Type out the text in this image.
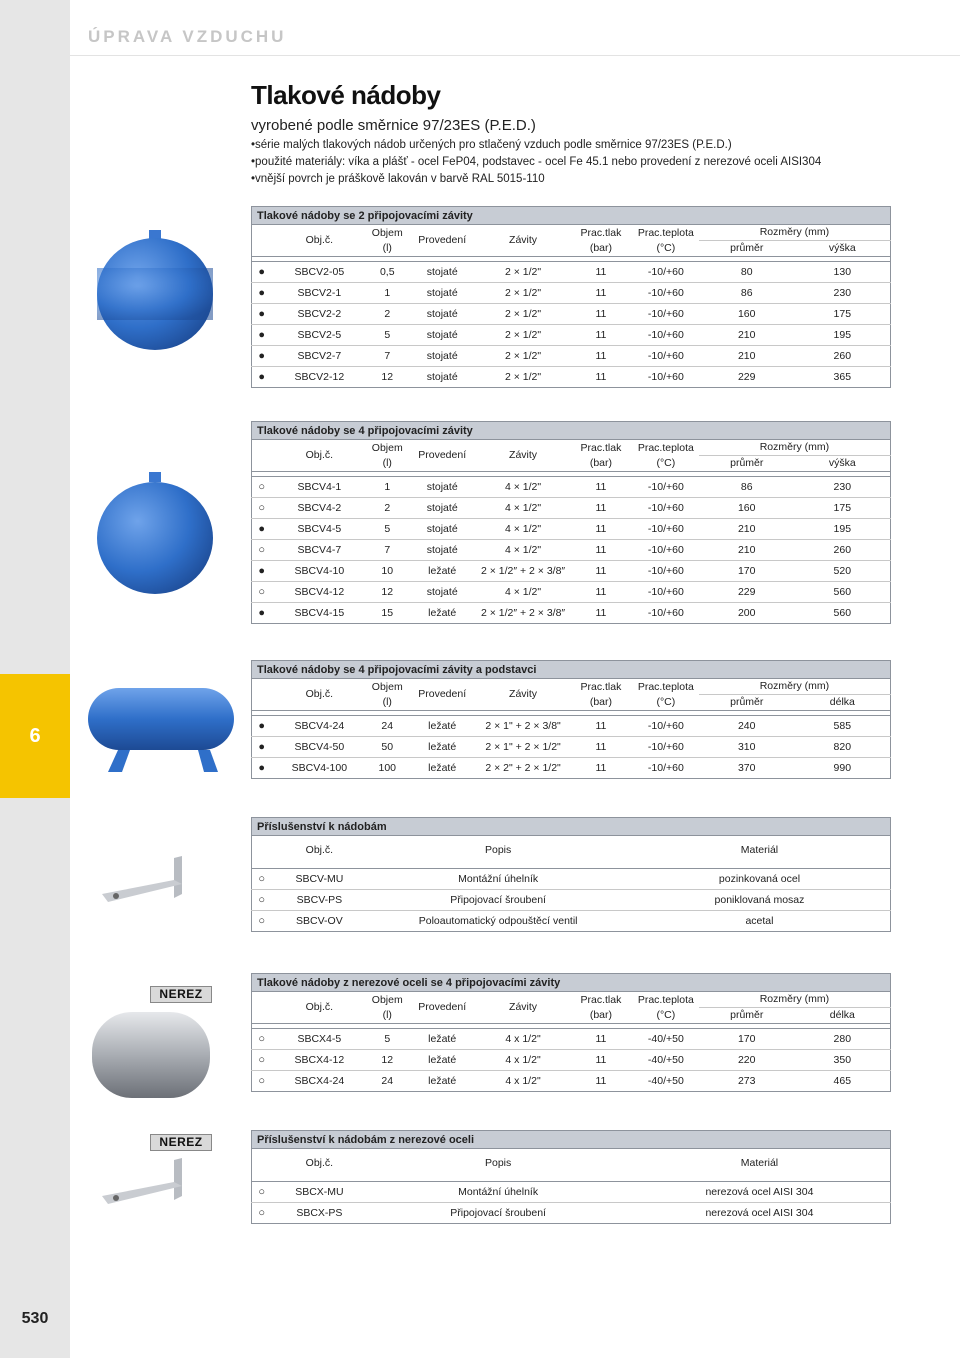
6
530
ÚPRAVA VZDUCHU
Tlakové nádoby
vyrobené podle směrnice 97/23ES (P.E.D.)
• série malých tlakových nádob určených pro stlačený vzduch podle směrnice 97/23ES (P.E.D.)
• použité materiály: víka a plášť - ocel FeP04, podstavec - ocel Fe 45.1 nebo provedení z nerezové oceli AISI304
• vnější povrch je práškově lakován v barvě RAL 5015-110
NEREZ
NEREZ
Tlakové nádoby se 2 připojovacími závity
	Obj.č.	Objem
(l)	Provedení	Závity	Prac.tlak
(bar)	Prac.teplota
(°C)	Rozměry (mm)	
							průměr	výška

●	SBCV2-05	0,5	stojaté	2 × 1/2"	11	-10/+60	80	130
●	SBCV2-1	1	stojaté	2 × 1/2"	11	-10/+60	86	230
●	SBCV2-2	2	stojaté	2 × 1/2"	11	-10/+60	160	175
●	SBCV2-5	5	stojaté	2 × 1/2"	11	-10/+60	210	195
●	SBCV2-7	7	stojaté	2 × 1/2"	11	-10/+60	210	260
●	SBCV2-12	12	stojaté	2 × 1/2"	11	-10/+60	229	365
Tlakové nádoby se 4 připojovacími závity
	Obj.č.	Objem
(l)	Provedení	Závity	Prac.tlak
(bar)	Prac.teplota
(°C)	Rozměry (mm)	
							průměr	výška

○	SBCV4-1	1	stojaté	4 × 1/2"	11	-10/+60	86	230
○	SBCV4-2	2	stojaté	4 × 1/2"	11	-10/+60	160	175
●	SBCV4-5	5	stojaté	4 × 1/2"	11	-10/+60	210	195
○	SBCV4-7	7	stojaté	4 × 1/2"	11	-10/+60	210	260
●	SBCV4-10	10	ležaté	2 × 1/2″ + 2 × 3/8″	11	-10/+60	170	520
○	SBCV4-12	12	stojaté	4 × 1/2"	11	-10/+60	229	560
●	SBCV4-15	15	ležaté	2 × 1/2″ + 2 × 3/8″	11	-10/+60	200	560
Tlakové nádoby se 4 připojovacími závity a podstavci
	Obj.č.	Objem
(l)	Provedení	Závity	Prac.tlak
(bar)	Prac.teplota
(°C)	Rozměry (mm)	
							průměr	délka

●	SBCV4-24	24	ležaté	2 × 1" + 2 × 3/8"	11	-10/+60	240	585
●	SBCV4-50	50	ležaté	2 × 1" + 2 × 1/2"	11	-10/+60	310	820
●	SBCV4-100	100	ležaté	2 × 2" + 2 × 1/2"	11	-10/+60	370	990
Příslušenství k nádobám
	Obj.č.	Popis	Materiál

○	SBCV-MU	Montážní úhelník	pozinkovaná ocel
○	SBCV-PS	Připojovací šroubení	poniklovaná mosaz
○	SBCV-OV	Poloautomatický odpouštěcí ventil	acetal
Tlakové nádoby z nerezové oceli se 4 připojovacími závity
	Obj.č.	Objem
(l)	Provedení	Závity	Prac.tlak
(bar)	Prac.teplota
(°C)	Rozměry (mm)	
							průměr	délka

○	SBCX4-5	5	ležaté	4 x 1/2"	11	-40/+50	170	280
○	SBCX4-12	12	ležaté	4 x 1/2"	11	-40/+50	220	350
○	SBCX4-24	24	ležaté	4 x 1/2"	11	-40/+50	273	465
Příslušenství k nádobám z nerezové oceli
	Obj.č.	Popis	Materiál

○	SBCX-MU	Montážní úhelník	nerezová ocel AISI 304
○	SBCX-PS	Připojovací šroubení	nerezová ocel AISI 304
